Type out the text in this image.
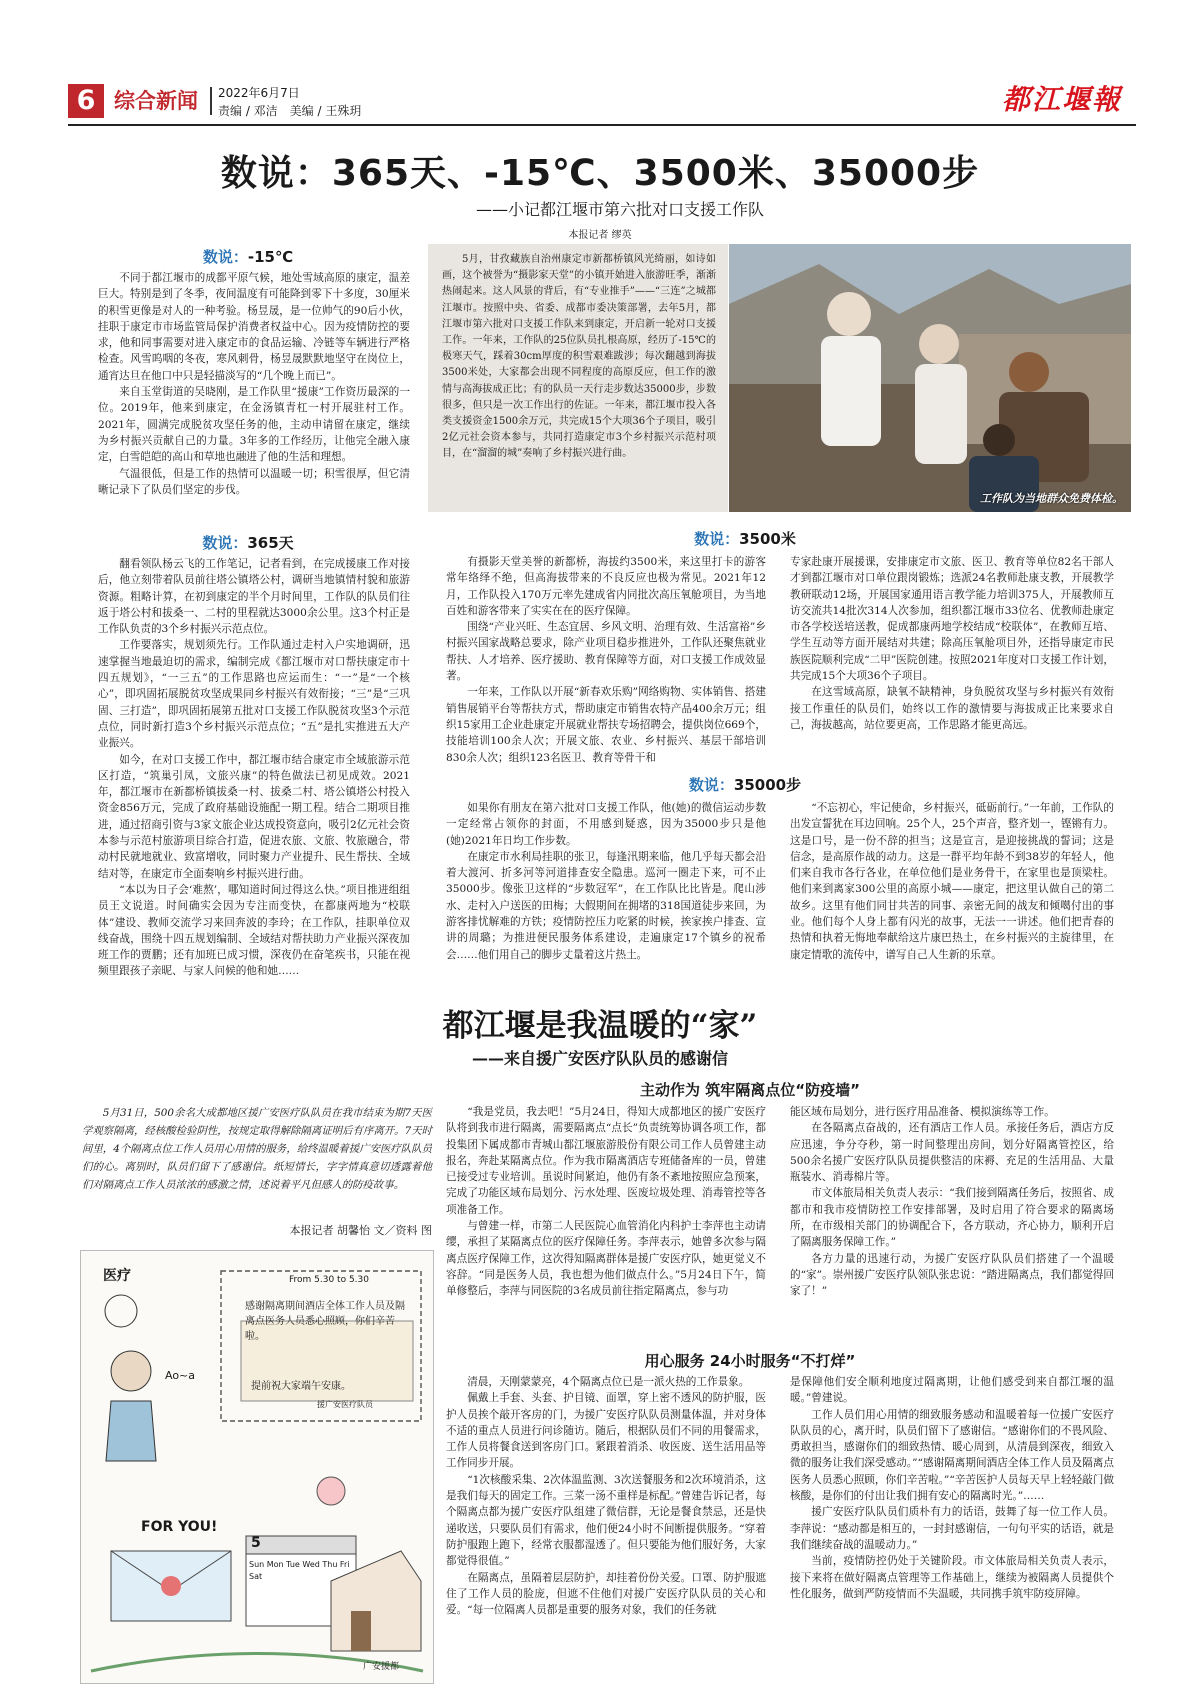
6 综合新闻 2022年6月7日
责编 / 邓洁　美编 / 王殊玥	都江堰報
数说：365天、-15℃、3500米、35000步
——小记都江堰市第六批对口支援工作队
本报记者 缪英
数说：-15℃

不同于都江堰市的成都平原气候，地处雪域高原的康定，温差巨大。特别是到了冬季，夜间温度有可能降到零下十多度，30厘米的积雪更像是对人的一种考验。杨昱晟，是一位帅气的90后小伙，挂职于康定市市场监管局保护消费者权益中心。因为疫情防控的要求，他和同事需要对进入康定市的食品运输、冷链等车辆进行严格检查。风雪呜咽的冬夜，寒风刺骨，杨昱晟默默地坚守在岗位上，通宵达旦在他口中只是轻描淡写的“几个晚上而已”。

来自玉堂街道的吴晓刚，是工作队里“援康”工作资历最深的一位。2019年，他来到康定，在金汤镇青杠一村开展驻村工作。2021年，圆满完成脱贫攻坚任务的他，主动申请留在康定，继续为乡村振兴贡献自己的力量。3年多的工作经历，让他完全融入康定，白雪皑皑的高山和草地也融进了他的生活和理想。

气温很低，但是工作的热情可以温暖一切；积雪很厚，但它清晰记录下了队员们坚定的步伐。

5月，甘孜藏族自治州康定市新都桥镇风光绮丽，如诗如画，这个被誉为“摄影家天堂”的小镇开始进入旅游旺季，渐渐热闹起来。这人风景的背后，有“专业推手”——“三连”之城都江堰市。按照中央、省委、成都市委决策部署，去年5月，都江堰市第六批对口支援工作队来到康定，开启新一轮对口支援工作。一年来，工作队的25位队员扎根高原，经历了-15℃的极寒天气，踩着30cm厚度的积雪艰难跋涉；每次翻越到海拔3500米处，大家都会出现不同程度的高原反应，但工作的激情与高海拔成正比；有的队员一天行走步数达35000步，步数很多，但只是一次工作出行的佐证。一年来，都江堰市投入各类支援资金1500余万元，共完成15个大项36个子项目，吸引2亿元社会资本参与，共同打造康定市3个乡村振兴示范村项目，在“溜溜的城”奏响了乡村振兴进行曲。

工作队为当地群众免费体检。
数说：365天

翻看领队杨云飞的工作笔记，记者看到，在完成援康工作对接后，他立刻带着队员前往塔公镇塔公村，调研当地镇情村貌和旅游资源。粗略计算，在初到康定的半个月时间里，工作队的队员们往返于塔公村和拔桑一、二村的里程就达3000余公里。这3个村正是工作队负责的3个乡村振兴示范点位。

工作要落实，规划须先行。工作队通过走村入户实地调研，迅速掌握当地最迫切的需求，编制完成《都江堰市对口帮扶康定市十四五规划》，“一三五”的工作思路也应运而生：“一”是“一个核心”，即巩固拓展脱贫攻坚成果同乡村振兴有效衔接；“三”是“三巩固、三打造”，即巩固拓展第五批对口支援工作队脱贫攻坚3个示范点位，同时新打造3个乡村振兴示范点位；“五”是扎实推进五大产业振兴。

如今，在对口支援工作中，都江堰市结合康定市全域旅游示范区打造，“筑巢引凤，文旅兴康”的特色做法已初见成效。2021年，都江堰市在新都桥镇拔桑一村、拔桑二村、塔公镇塔公村投入资金856万元，完成了政府基础设施配一期工程。结合二期项目推进，通过招商引资与3家文旅企业达成投资意向，吸引2亿元社会资本参与示范村旅游项目综合打造，促进农旅、文旅、牧旅融合，带动村民就地就业、致富增收，同时聚力产业提升、民生帮扶、全域结对等，在康定市全面奏响乡村振兴进行曲。

“本以为日子会‘难熬’，哪知道时间过得这么快。”项目推进组组员王文说道。时间确实会因为专注而变快，在都康两地为“校联体”建设、教师交流学习来回奔波的李玲；在工作队，挂职单位双线奋战，围绕十四五规划编制、全域结对帮扶助力产业振兴深夜加班工作的贾鹏；还有加班已成习惯，深夜仍在奋笔疾书，只能在视频里跟孩子亲昵、与家人问候的他和她……

数说：3500米

有摄影天堂美誉的新都桥，海拔约3500米，来这里打卡的游客常年络绎不绝，但高海拔带来的不良反应也极为常见。2021年12月，工作队投入170万元率先建成省内同批次高压氧舱项目，为当地百姓和游客带来了实实在在的医疗保障。

围绕“产业兴旺、生态宜居、乡风文明、治理有效、生活富裕”乡村振兴国家战略总要求，除产业项目稳步推进外，工作队还聚焦就业帮扶、人才培养、医疗援助、教育保障等方面，对口支援工作成效显著。

一年来，工作队以开展“新春欢乐购”网络购物、实体销售、搭建销售展销平台等帮扶方式，帮助康定市销售农特产品400余万元；组织15家用工企业赴康定开展就业帮扶专场招聘会，提供岗位669个，技能培训100余人次；开展文旅、农业、乡村振兴、基层干部培训830余人次；组织123名医卫、教育等骨干和

专家赴康开展援课，安排康定市文旅、医卫、教育等单位82名干部人才到都江堰市对口单位跟岗锻炼；选派24名教师赴康支教，开展教学教研联动12场，开展国家通用语言教学能力培训375人，开展教师互访交流共14批次314人次参加，组织都江堰市33位名、优教师赴康定市各学校送培送教，促成都康两地学校结成“校联体”，在教师互培、学生互动等方面开展结对共建；除高压氧舱项目外，还指导康定市民族医院顺利完成“二甲”医院创建。按照2021年度对口支援工作计划，共完成15个大项36个子项目。

在这雪域高原，缺氧不缺精神，身负脱贫攻坚与乡村振兴有效衔接工作重任的队员们，始终以工作的激情要与海拔成正比来要求自己，海拔越高，站位要更高，工作思路才能更高远。

数说：35000步

如果你有朋友在第六批对口支援工作队，他(她)的微信运动步数一定经常占领你的封面，不用感到疑惑，因为35000步只是他(她)2021年日均工作步数。

在康定市水利局挂职的张卫，每逢汛期来临，他几乎每天都会沿着大渡河、折多河等河道排查安全隐患。巡河一圈走下来，可不止35000步。像张卫这样的“步数冠军”，在工作队比比皆是。爬山涉水、走村入户送医的田梅；大假期间在拥堵的318国道徒步来回，为游客排忧解难的方铁；疫情防控压力吃紧的时候，挨家挨户排查、宣讲的周璐；为推进便民服务体系建设，走遍康定17个镇乡的祝希会……他们用自己的脚步丈量着这片热土。

“不忘初心，牢记使命，乡村振兴，砥砺前行。”一年前，工作队的出发宣誓犹在耳边回响。25个人，25个声音，整齐划一，铿锵有力。这是口号，是一份不辞的担当；这是宣言，是迎接挑战的誓词；这是信念，是高原作战的动力。这是一群平均年龄不到38岁的年轻人，他们来自我市各行各业，在单位他们是业务骨干，在家里也是顶梁柱。他们来到离家300公里的高原小城——康定，把这里认做自己的第二故乡。这里有他们同甘共苦的同事、亲密无间的战友和倾噶付出的事业。他们每个人身上都有闪光的故事，无法一一讲述。他们把青春的热情和执着无悔地奉献给这片康巴热土，在乡村振兴的主旋律里，在康定情歌的流传中，谱写自己人生新的乐章。

都江堰是我温暖的“家”
——来自援广安医疗队队员的感谢信

5月31日，500余名大成都地区援广安医疗队队员在我市结束为期7天医学观察隔离，经核酸检验阴性，按规定取得解除隔离证明后有序离开。7天时间里，4个隔离点位工作人员用心用情的服务，给终温暖着援广安医疗队队员们的心。离别时，队员们留下了感谢信。纸短情长，字字情真意切透露着他们对隔离点工作人员浓浓的感激之情，述说着平凡但感人的防疫故事。

本报记者 胡馨怡 文／资料 图
From 5.30 to 5.30
感谢隔离期间酒店全体工作人员及隔离点医务人员悉心照顾，你们辛苦啦。
提前祝大家端午安康。
援广安医疗队员
医疗
Ao~a
FOR YOU!
5
Sun Mon Tue Wed Thu Fri Sat
广安援都
主动作为 筑牢隔离点位“防疫墙”

“我是党员，我去吧！”5月24日，得知大成都地区的援广安医疗队将到我市进行隔离，需要隔离点“点长”负责统筹协调各项工作，都投集团下属成都市青城山都江堰旅游股份有限公司工作人员曾建主动报名，奔赴某隔离点位。作为我市隔离酒店专班储备库的一员，曾建已接受过专业培训。虽说时间紧迫，他仍有条不紊地按照应急预案，完成了功能区域布局划分、污水处理、医废垃圾处理、消毒管控等各项准备工作。

与曾建一样，市第二人民医院心血管消化内科护士李萍也主动请缨，承担了某隔离点位的医疗保障任务。李萍表示，她曾多次参与隔离点医疗保障工作，这次得知隔离群体是援广安医疗队，她更觉义不容辞。“同是医务人员，我也想为他们做点什么。”5月24日下午，简单修整后，李萍与同医院的3名成员前往指定隔离点，参与功

能区域布局划分，进行医疗用品准备、模拟演练等工作。

在各隔离点奋战的，还有酒店工作人员。承接任务后，酒店方反应迅速，争分夺秒，第一时间整理出房间，划分好隔离管控区，给500余名援广安医疗队队员提供整洁的床褥、充足的生活用品、大量瓶装水、消毒棉片等。

市文体旅局相关负责人表示：“我们接到隔离任务后，按照省、成都市和我市疫情防控工作安排部署，及时启用了符合要求的隔离场所，在市级相关部门的协调配合下，各方联动，齐心协力，顺利开启了隔离服务保障工作。”

各方力量的迅速行动，为援广安医疗队队员们搭建了一个温暖的“家”。崇州援广安医疗队领队张忠说：“踏进隔离点，我们都觉得回家了！”

用心服务 24小时服务“不打烊”

清晨，天刚蒙蒙亮，4个隔离点位已是一派火热的工作景象。

佩戴上手套、头套、护目镜、面罩，穿上密不透风的防护服，医护人员挨个敲开客房的门，为援广安医疗队队员测量体温，并对身体不适的重点人员进行问诊随访。随后，根据队员们不同的用餐需求，工作人员将餐食送到客房门口。紧跟着消杀、收医废、送生活用品等工作同步开展。

“1次核酸采集、2次体温监测、3次送餐服务和2次环境消杀，这是我们每天的固定工作。三菜一汤不重样是标配。”曾建告诉记者，每个隔离点都为援广安医疗队组建了微信群，无论是餐食禁忌，还是快递收送，只要队员们有需求，他们便24小时不间断提供服务。“穿着防护服跑上跑下，经常衣服都湿透了。但只要能为他们服好务，大家都觉得很值。”

在隔离点，虽隔着层层防护，却挂着份份关爱。口罩、防护服遮住了工作人员的脸庞，但遮不住他们对援广安医疗队队员的关心和爱。“每一位隔离人员都是重要的服务对象，我们的任务就

是保障他们安全顺利地度过隔离期，让他们感受到来自都江堰的温暖。”曾建说。

工作人员们用心用情的细致服务感动和温暖着每一位援广安医疗队队员的心，离开时，队员们留下了感谢信。“感谢你们的不畏风险、勇敢担当，感谢你们的细致热情、暖心周到，从清晨到深夜，细致入微的服务让我们深受感动。”“感谢隔离期间酒店全体工作人员及隔离点医务人员悉心照顾，你们辛苦啦。”“辛苦医护人员每天早上轻轻敲门做核酸，是你们的付出让我们拥有安心的隔离时光。”……

援广安医疗队队员们质朴有力的话语，鼓舞了每一位工作人员。李萍说：“感动都是相互的，一封封感谢信，一句句平实的话语，就是我们继续奋战的温暖动力。”

当前，疫情防控仍处于关键阶段。市文体旅局相关负责人表示，接下来将在做好隔离点管理等工作基础上，继续为被隔离人员提供个性化服务，做到严防疫情而不失温暖，共同携手筑牢防疫屏障。
